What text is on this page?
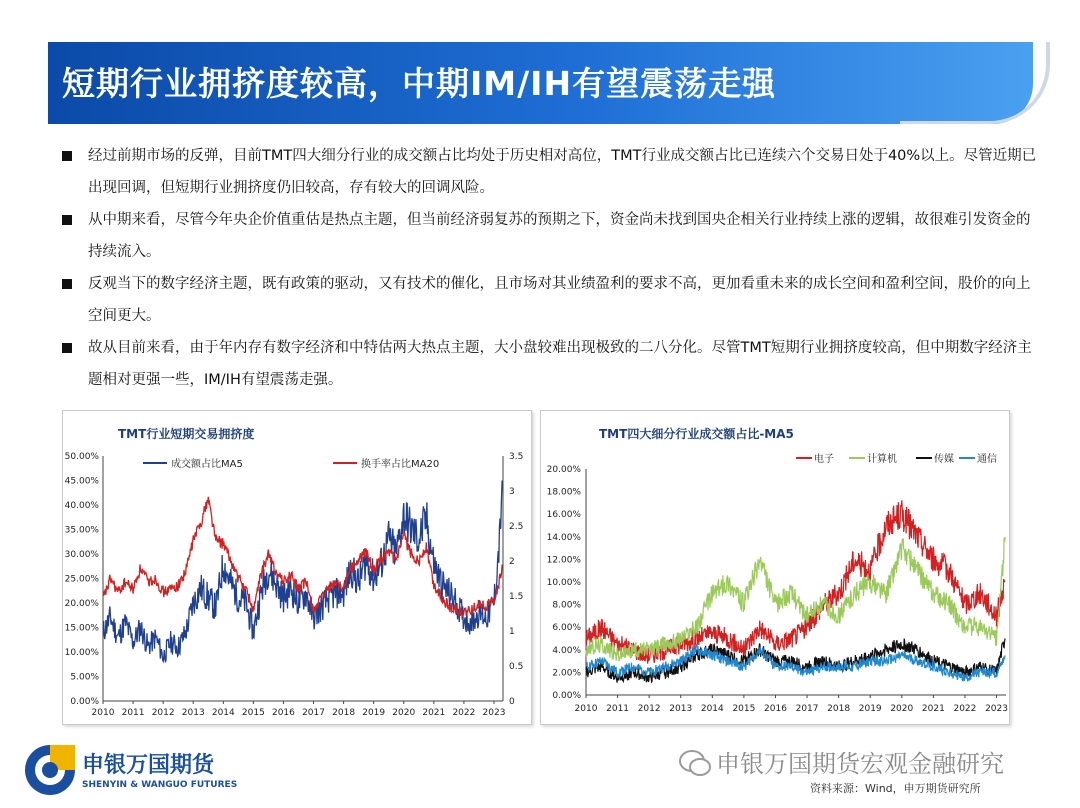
短期行业拥挤度较高，中期IM/IH有望震荡走强
经过前期市场的反弹，目前TMT四大细分行业的成交额占比均处于历史相对高位，TMT行业成交额占比已连续六个交易日处于40%以上。尽管近期已出现回调，但短期行业拥挤度仍旧较高，存有较大的回调风险。
从中期来看，尽管今年央企价值重估是热点主题，但当前经济弱复苏的预期之下，资金尚未找到国央企相关行业持续上涨的逻辑，故很难引发资金的持续流入。
反观当下的数字经济主题，既有政策的驱动，又有技术的催化，且市场对其业绩盈利的要求不高，更加看重未来的成长空间和盈利空间，股价的向上空间更大。
故从目前来看，由于年内存有数字经济和中特估两大热点主题，大小盘较难出现极致的二八分化。尽管TMT短期行业拥挤度较高，但中期数字经济主题相对更强一些，IM/IH有望震荡走强。
TMT行业短期交易拥挤度
0.00%
5.00%
10.00%
15.00%
20.00%
25.00%
30.00%
35.00%
40.00%
45.00%
50.00%
0
0.5
1
1.5
2
2.5
3
3.5
2010 2011 2012 2013 2014 2015 2016 2017 2018 2019 2020 2021 2022 2023
成交额占比MA5	换手率占比MA20
TMT四大细分行业成交额占比-MA5
0.00%
2.00%
4.00%
6.00%
8.00%
10.00%
12.00%
14.00%
16.00%
18.00%
20.00%
2010 2011 2012 2013 2014 2015 2016 2017 2018 2019 2020 2021 2022 2023
电子	计算机	传媒 通信
申银万国期货
SHENYIN & WANGUO FUTURES
申银万国期货宏观金融研究
资料来源：Wind，申万期货研究所
